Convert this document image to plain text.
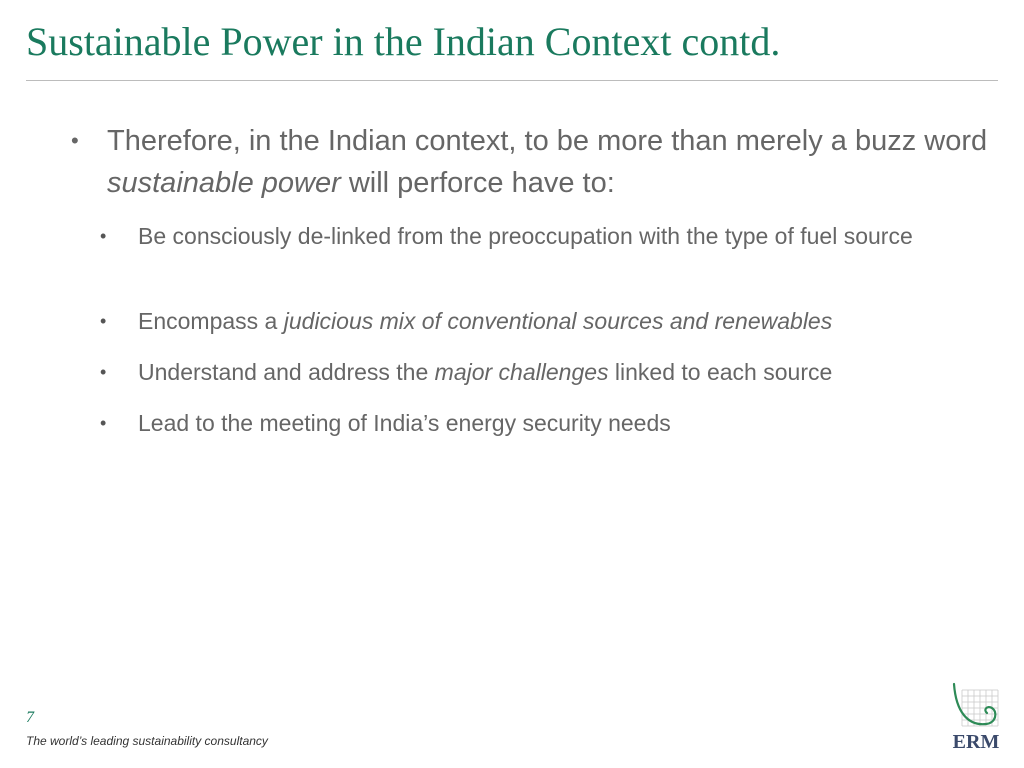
Sustainable Power in the Indian Context contd.
• Therefore, in the Indian context, to be more than merely a buzz word sustainable power will perforce have to:
• Be consciously de-linked from the preoccupation with the type of fuel source
• Encompass a judicious mix of conventional sources and renewables
• Understand and address the major challenges linked to each source
• Lead to the meeting of India’s energy security needs
7
The world’s leading sustainability consultancy	ERM
